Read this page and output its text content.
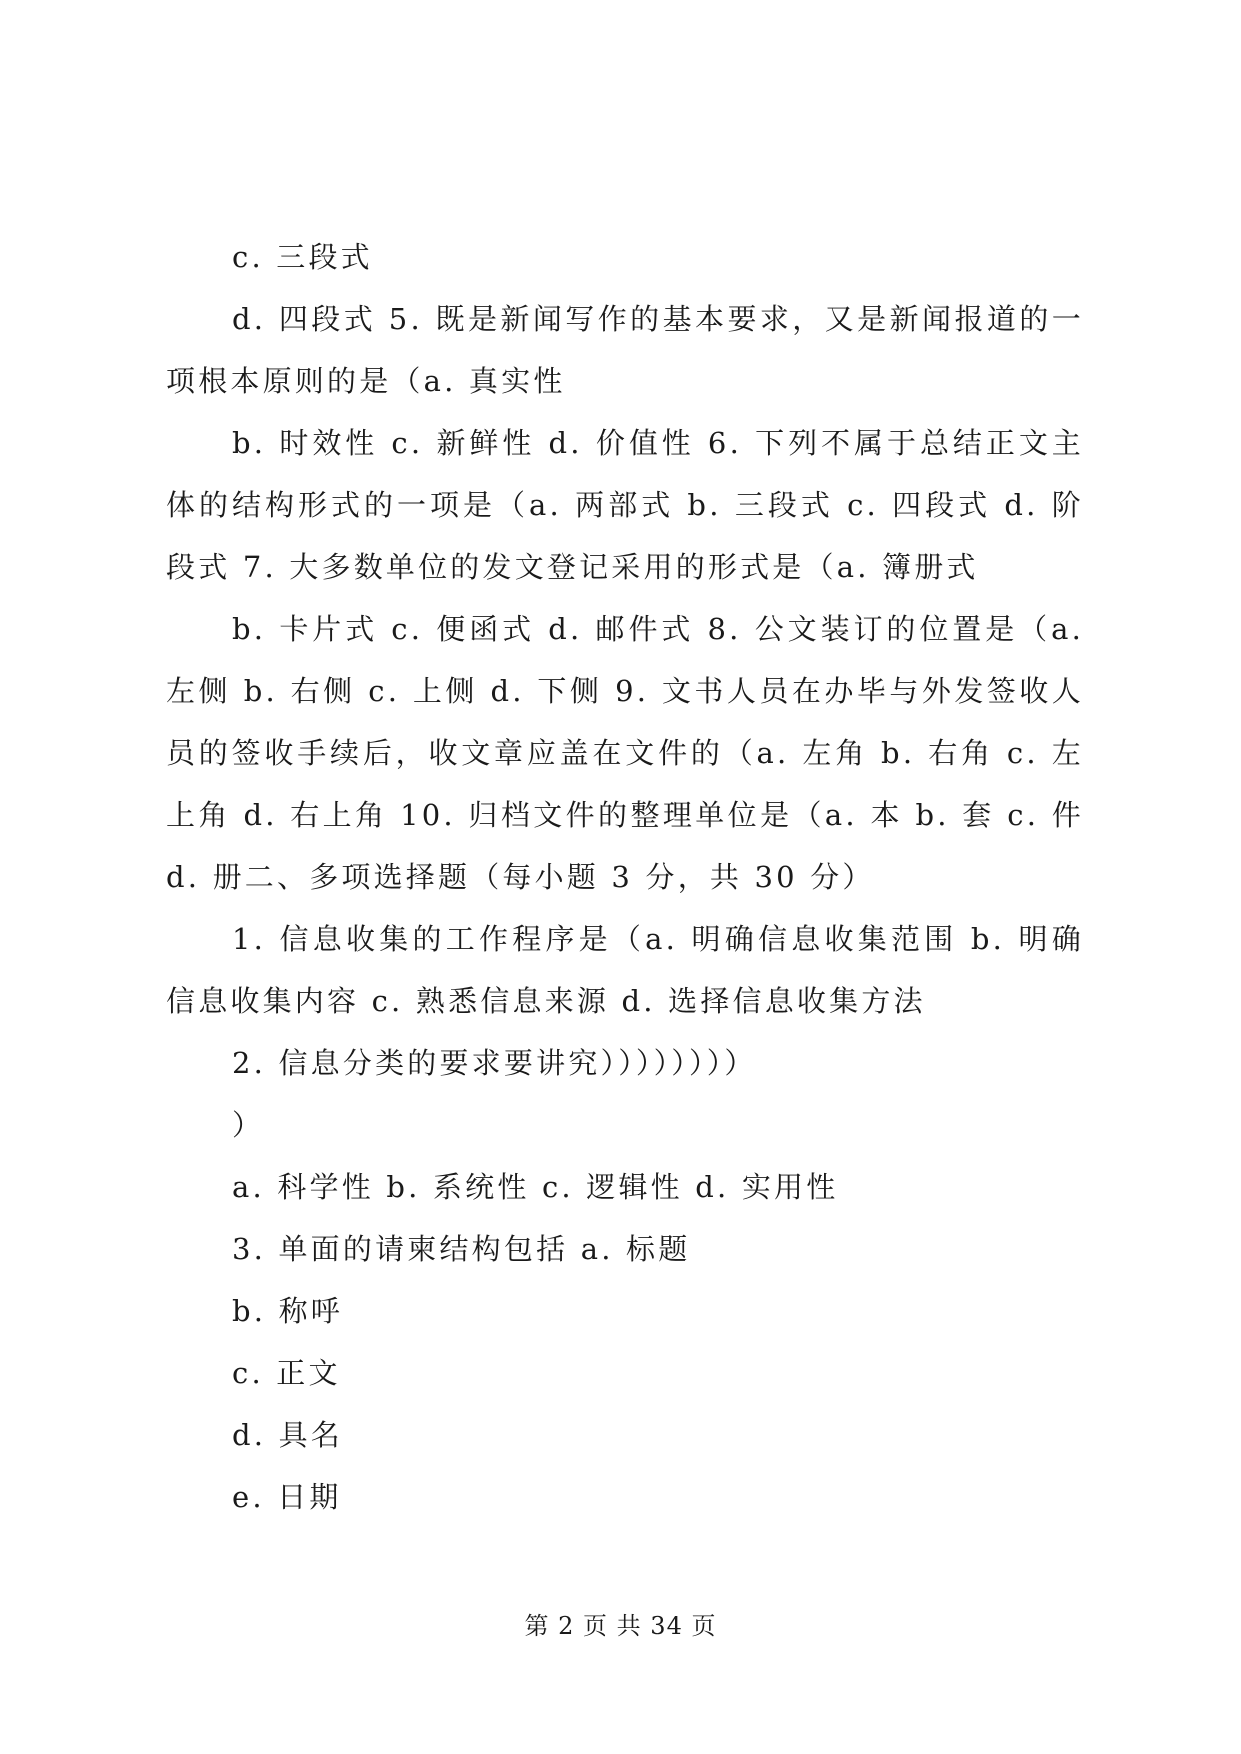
c. 三段式

d. 四段式 5. 既是新闻写作的基本要求，又是新闻报道的一项根本原则的是（a. 真实性

b. 时效性 c. 新鲜性 d. 价值性 6. 下列不属于总结正文主体的结构形式的一项是（a. 两部式 b. 三段式 c. 四段式 d. 阶段式 7. 大多数单位的发文登记采用的形式是（a. 簿册式

b. 卡片式 c. 便函式 d. 邮件式 8. 公文装订的位置是（a. 左侧 b. 右侧 c. 上侧 d. 下侧 9. 文书人员在办毕与外发签收人员的签收手续后，收文章应盖在文件的（a. 左角 b. 右角 c. 左上角 d. 右上角 10. 归档文件的整理单位是（a. 本 b. 套 c. 件 d. 册二、多项选择题（每小题 3 分，共 30 分）

1. 信息收集的工作程序是（a. 明确信息收集范围 b. 明确信息收集内容 c. 熟悉信息来源 d. 选择信息收集方法

2. 信息分类的要求要讲究））））））））

）

a. 科学性 b. 系统性 c. 逻辑性 d. 实用性

3. 单面的请柬结构包括 a. 标题

b. 称呼

c. 正文

d. 具名

e. 日期

第 2 页 共 34 页
